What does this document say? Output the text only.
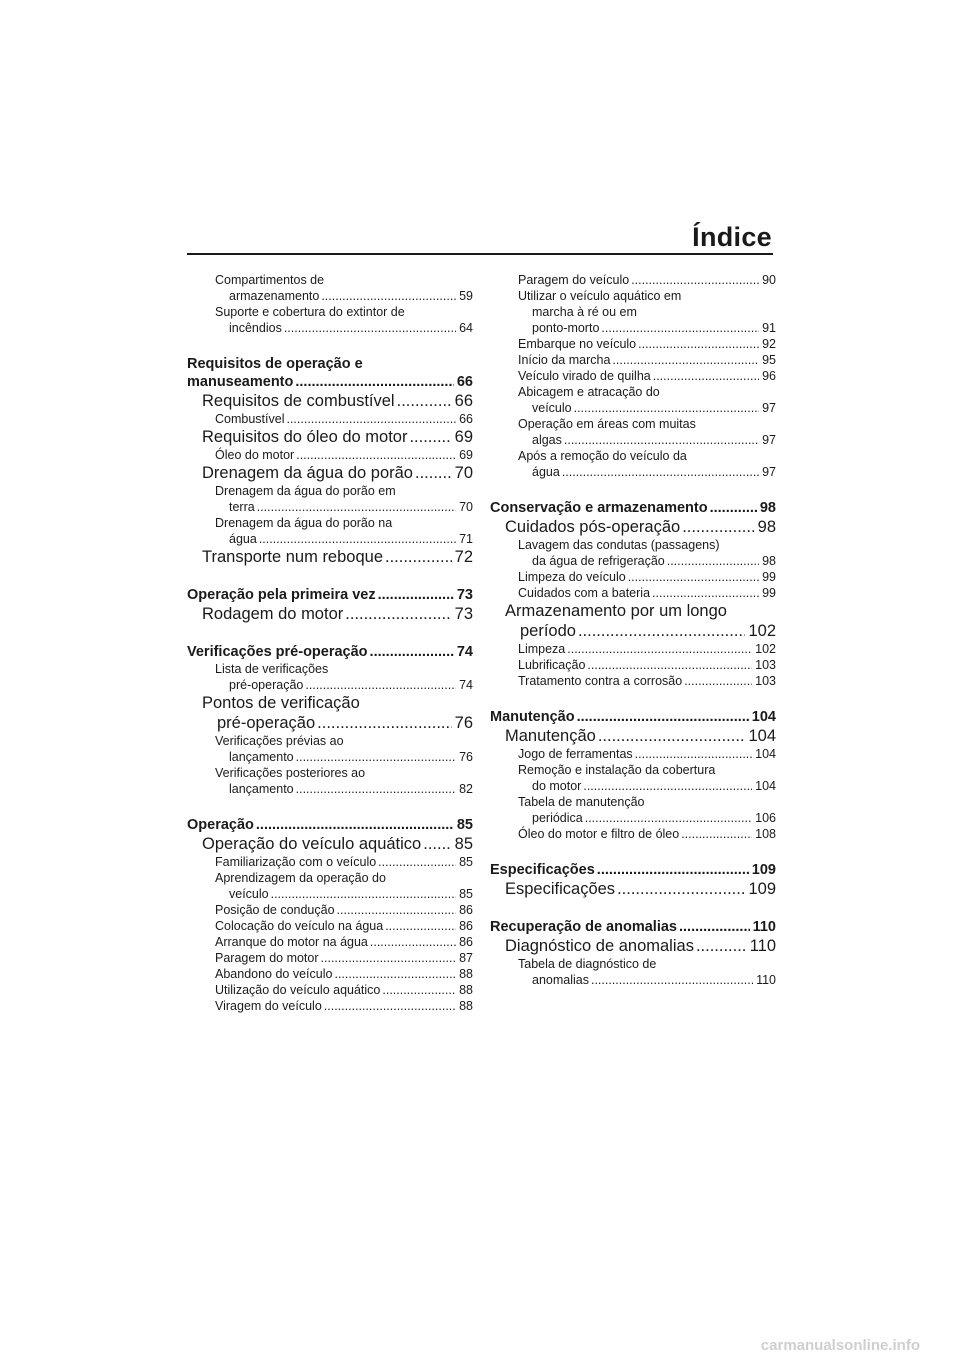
Índice
Compartimentos de
armazenamento .....	59
Suporte e cobertura do extintor de
incêndios .....	64
Requisitos de operação e
manuseamento .....	66
Requisitos de combustível .....	66
Combustível .....	66
Requisitos do óleo do motor .....	69
Óleo do motor .....	69
Drenagem da água do porão .....	70
Drenagem da água do porão em
terra .....	70
Drenagem da água do porão na
água .....	71
Transporte num reboque .....	72
Operação pela primeira vez .....	73
Rodagem do motor .....	73
Verificações pré-operação .....	74
Lista de verificações
pré-operação .....	74
Pontos de verificação
pré-operação .....	76
Verificações prévias ao
lançamento .....	76
Verificações posteriores ao
lançamento .....	82
Operação .....	85
Operação do veículo aquático ..... 85
Familiarização com o veículo .....	85
Aprendizagem da operação do
veículo .....	85
Posição de condução .....	86
Colocação do veículo na água .....	86
Arranque do motor na água .....	86
Paragem do motor .....	87
Abandono do veículo .....	88
Utilização do veículo aquático .....	88
Viragem do veículo .....	88
Paragem do veículo .....	90
Utilizar o veículo aquático em
marcha à ré ou em
ponto-morto .....	91
Embarque no veículo .....	92
Início da marcha .....	95
Veículo virado de quilha .....	96
Abicagem e atracação do
veículo .....	97
Operação em áreas com muitas
algas .....	97
Após a remoção do veículo da
água .....	97
Conservação e armazenamento .....	98
Cuidados pós-operação .....	98
Lavagem das condutas (passagens)
da água de refrigeração .....	98
Limpeza do veículo .....	99
Cuidados com a bateria .....	99
Armazenamento por um longo
período .....	102
Limpeza .....	102
Lubrificação .....	103
Tratamento contra a corrosão .....	103
Manutenção .....	104
Manutenção .....	104
Jogo de ferramentas .....	104
Remoção e instalação da cobertura
do motor .....	104
Tabela de manutenção
periódica .....	106
Óleo do motor e filtro de óleo .....	108
Especificações .....	109
Especificações .....	109
Recuperação de anomalias .....	110
Diagnóstico de anomalias .....	110
Tabela de diagnóstico de
anomalias .....	110
carmanualsonline.info
